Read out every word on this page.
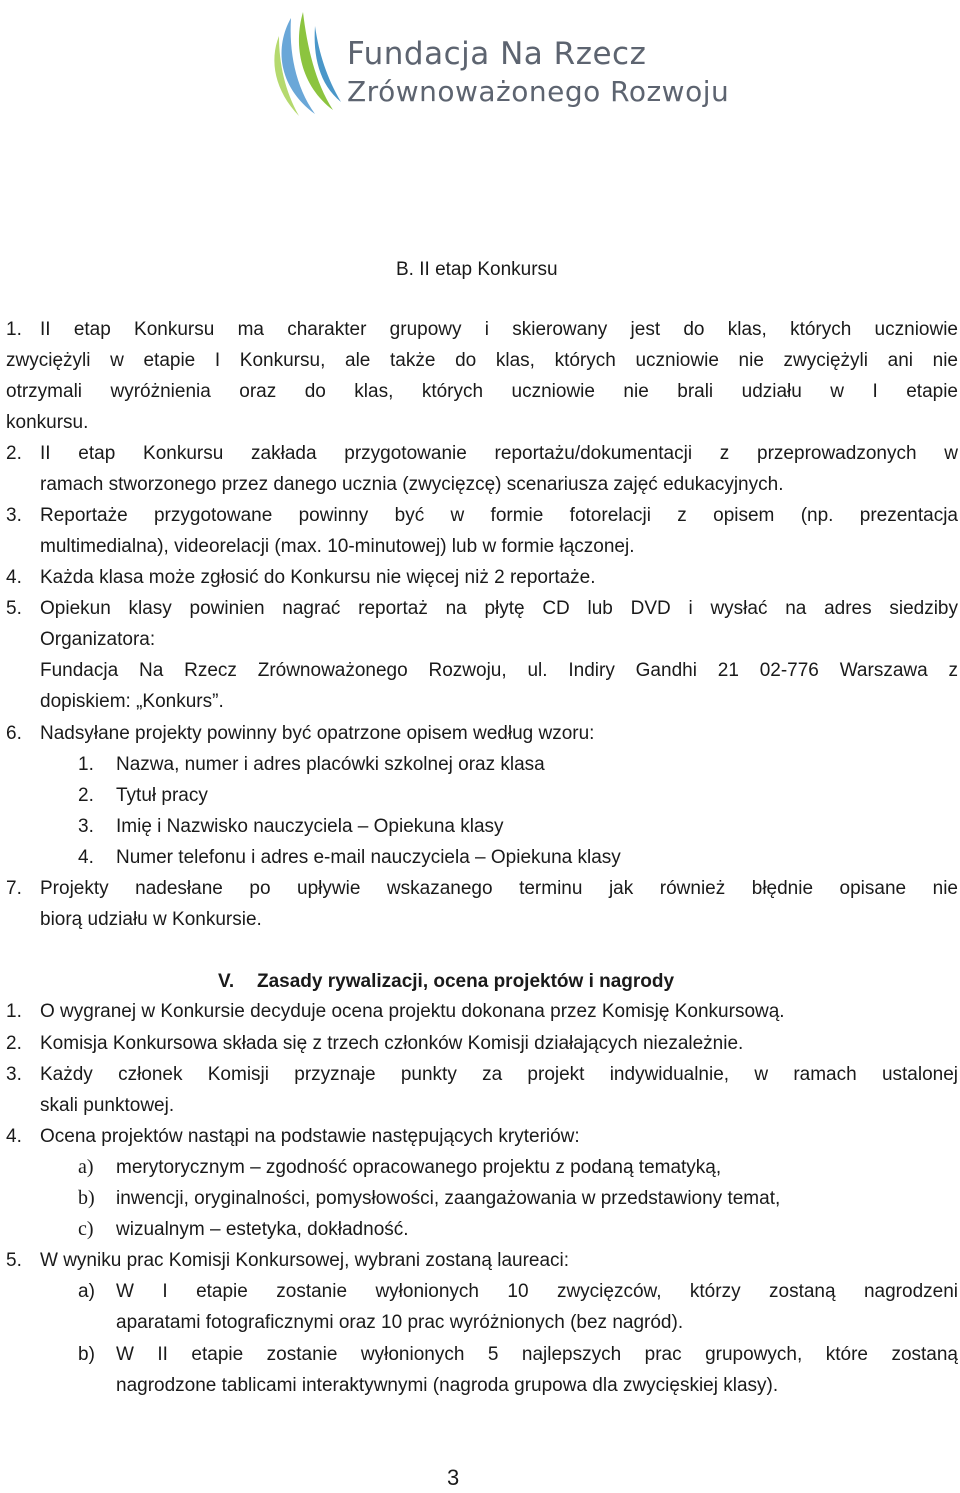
Fundacja Na Rzecz
Zrównoważonego Rozwoju
B. II etap Konkursu
1. II etap Konkursu ma charakter grupowy i skierowany jest do klas, których uczniowie
zwyciężyli w etapie I Konkursu, ale także do klas, których uczniowie nie zwyciężyli ani nie
otrzymali wyróżnienia oraz do klas, których uczniowie nie brali udziału w I etapie
konkursu.
2. II etap Konkursu zakłada przygotowanie reportażu/dokumentacji z przeprowadzonych w
ramach stworzonego przez danego ucznia (zwycięzcę) scenariusza zajęć edukacyjnych.
3. Reportaże przygotowane powinny być w formie fotorelacji z opisem (np. prezentacja
multimedialna), videorelacji (max. 10-minutowej) lub w formie łączonej.
4. Każda klasa może zgłosić do Konkursu nie więcej niż 2 reportaże.
5. Opiekun klasy powinien nagrać reportaż na płytę CD lub DVD i wysłać na adres siedziby
Organizatora:
Fundacja Na Rzecz Zrównoważonego Rozwoju, ul. Indiry Gandhi 21 02-776 Warszawa z
dopiskiem: „Konkurs”.
6. Nadsyłane projekty powinny być opatrzone opisem według wzoru:
1. Nazwa, numer i adres placówki szkolnej oraz klasa
2. Tytuł pracy
3. Imię i Nazwisko nauczyciela – Opiekuna klasy
4. Numer telefonu i adres e-mail nauczyciela – Opiekuna klasy
7. Projekty nadesłane po upływie wskazanego terminu jak również błędnie opisane nie
biorą udziału w Konkursie.
V. Zasady rywalizacji, ocena projektów i nagrody
1. O wygranej w Konkursie decyduje ocena projektu dokonana przez Komisję Konkursową.
2. Komisja Konkursowa składa się z trzech członków Komisji działających niezależnie.
3. Każdy członek Komisji przyznaje punkty za projekt indywidualnie, w ramach ustalonej
skali punktowej.
4. Ocena projektów nastąpi na podstawie następujących kryteriów:
a) merytorycznym – zgodność opracowanego projektu z podaną tematyką,
b) inwencji, oryginalności, pomysłowości, zaangażowania w przedstawiony temat,
c) wizualnym – estetyka, dokładność.
5. W wyniku prac Komisji Konkursowej, wybrani zostaną laureaci:
a) W I etapie zostanie wyłonionych 10 zwycięzców, którzy zostaną nagrodzeni
aparatami fotograficznymi oraz 10 prac wyróżnionych (bez nagród).
b) W II etapie zostanie wyłonionych 5 najlepszych prac grupowych, które zostaną
nagrodzone tablicami interaktywnymi (nagroda grupowa dla zwycięskiej klasy).
3
